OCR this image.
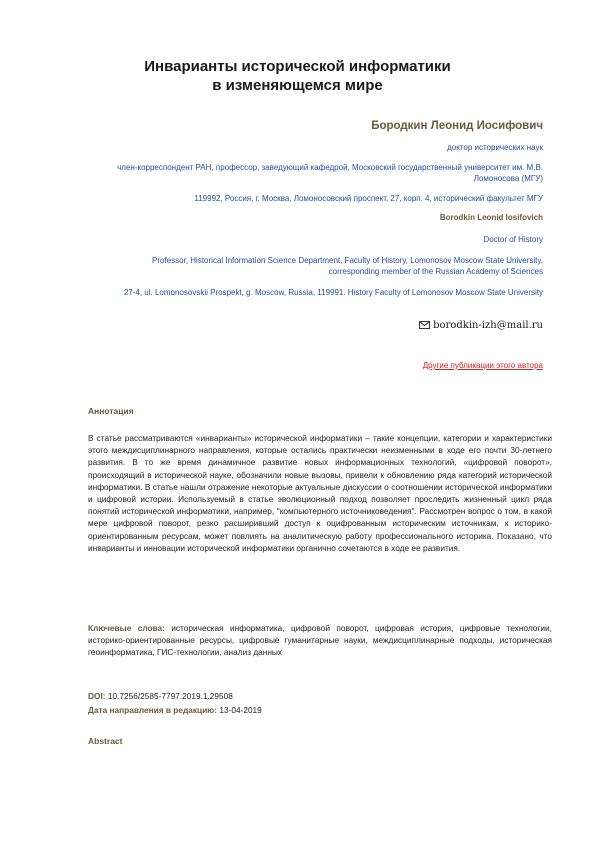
Инварианты исторической информатики
в изменяющемся мире
Бородкин Леонид Иосифович
доктор исторических наук
член-корреспондент РАН, профессор, заведующий кафедрой, Московский государственный университет им. М.В. Ломоносова (МГУ)
119992, Россия, г. Москва, Ломоносовский проспект, 27, корп. 4, исторический факультет МГУ
Borodkin Leonid Iosifovich
Doctor of History
Professor, Historical Information Science Department, Faculty of History, Lomonosov Moscow State University, corresponding member of the Russian Academy of Sciences
27-4, ul. Lomonosovskii Prospekt, g. Moscow, Russia, 119991. History Faculty of Lomonosov Moscow State University
borodkin-izh@mail.ru
Другие публикации этого автора
Аннотация
В статье рассматриваются «инварианты» исторической информатики – такие концепции, категории и характеристики этого междисциплинарного направления, которые остались практически неизменными в ходе его почти 30-летнего развития. В то же время динамичное развитие новых информационных технологий, «цифровой поворот», происходящий в исторической науке, обозначили новые вызовы, привели к обновлению ряда категорий исторической информатики. В статье нашли отражение некоторые актуальные дискуссии о соотношении исторической информатики и цифровой истории. Используемый в статье эволюционный подход позволяет проследить жизненный цикл ряда понятий исторической информатики, например, "компьютерного источниковедения". Рассмотрен вопрос о том, в какой мере цифровой поворот, резко расширивший доступ к оцифрованным историческим источникам, к историко-ориентированным ресурсам, может повлиять на аналитическую работу профессионального историка. Показано, что инварианты и инновации исторической информатики органично сочетаются в ходе ее развития.
Ключевые слова: историческая информатика, цифровой поворот, цифровая история, цифровые технологии, историко-ориентированные ресурсы, цифровые гуманитарные науки, междисциплинарные подходы, историческая геоинформатика, ГИС-технологии, анализ данных
DOI: 10.7256/2585-7797.2019.1.29508
Дата направления в редакцию: 13-04-2019
Abstract
